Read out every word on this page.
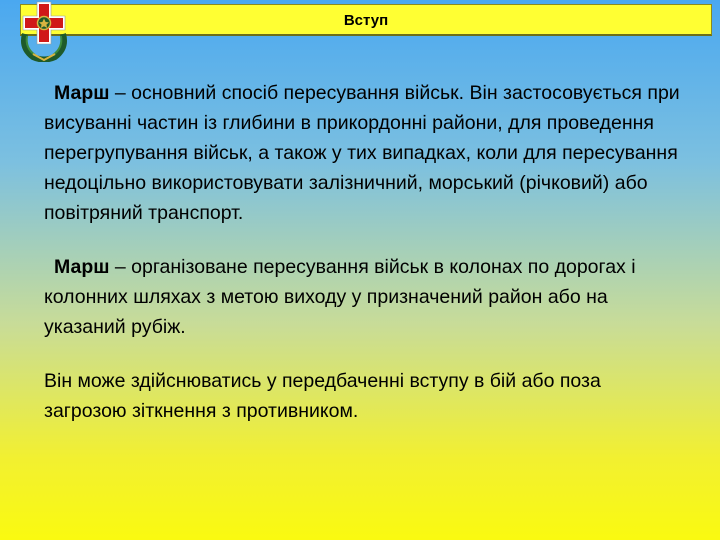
Вступ

Марш – основний спосіб пересування військ. Він застосовується при висуванні частин із глибини в прикордонні райони, для проведення перегрупування військ, а також у тих випадках, коли для пересування недоцільно використовувати залізничний, морський (річковий) або повітряний транспорт.

Марш – організоване пересування військ в колонах по дорогах і колонних шляхах з метою виходу у призначений район або на указаний рубіж.

Він може здійснюватись у передбаченні вступу в бій або поза загрозою зіткнення з противником.
